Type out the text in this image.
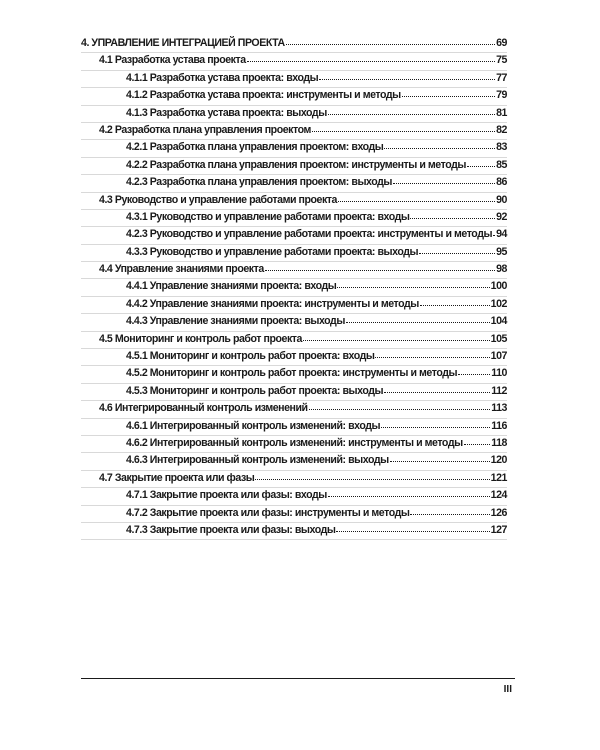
4. УПРАВЛЕНИЕ ИНТЕГРАЦИЕЙ ПРОЕКТА	69
4.1 Разработка устава проекта	75
4.1.1 Разработка устава проекта: входы	77
4.1.2 Разработка устава проекта: инструменты и методы	79
4.1.3 Разработка устава проекта: выходы	81
4.2 Разработка плана управления проектом	82
4.2.1 Разработка плана управления проектом: входы	83
4.2.2 Разработка плана управления проектом: инструменты и методы	85
4.2.3 Разработка плана управления проектом: выходы	86
4.3 Руководство и управление работами проекта	90
4.3.1 Руководство и управление работами проекта: входы	92
4.2.3 Руководство и управление работами проекта: инструменты и методы 94
4.3.3 Руководство и управление работами проекта: выходы	95
4.4 Управление знаниями проекта	98
4.4.1 Управление знаниями проекта: входы	100
4.4.2 Управление знаниями проекта: инструменты и методы	102
4.4.3 Управление знаниями проекта: выходы	104
4.5 Мониторинг и контроль работ проекта	105
4.5.1 Мониторинг и контроль работ проекта: входы	107
4.5.2 Мониторинг и контроль работ проекта: инструменты и методы	110
4.5.3 Мониторинг и контроль работ проекта: выходы	112
4.6 Интегрированный контроль изменений	113
4.6.1 Интегрированный контроль изменений: входы	116
4.6.2 Интегрированный контроль изменений: инструменты и методы	118
4.6.3 Интегрированный контроль изменений: выходы	120
4.7 Закрытие проекта или фазы	121
4.7.1 Закрытие проекта или фазы: входы	124
4.7.2 Закрытие проекта или фазы: инструменты и методы	126
4.7.3 Закрытие проекта или фазы: выходы	127
III
